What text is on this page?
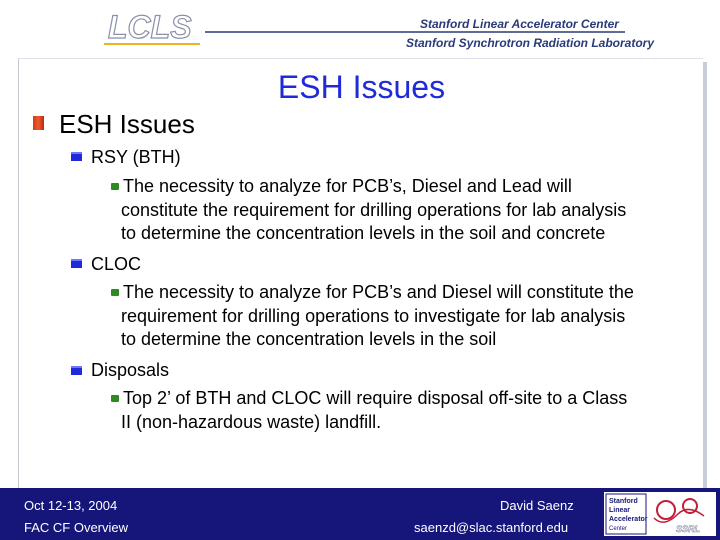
LCLS	Stanford Linear Accelerator Center
Stanford Synchrotron Radiation Laboratory
ESH Issues
ESH Issues
RSY (BTH)
The necessity to analyze for PCB’s, Diesel and Lead will
constitute the requirement for drilling operations for lab analysis
to determine the concentration levels in the soil and concrete
CLOC
The necessity to analyze for PCB’s and Diesel will constitute the
requirement for drilling operations to investigate for lab analysis
to determine the concentration levels in the soil
Disposals
Top 2’ of BTH and CLOC will require disposal off-site to a Class
II (non-hazardous waste) landfill.
Oct 12-13, 2004
FAC CF Overview
David Saenz
saenzd@slac.stanford.edu
Stanford
Linear
Accelerator
Center	SSRL
